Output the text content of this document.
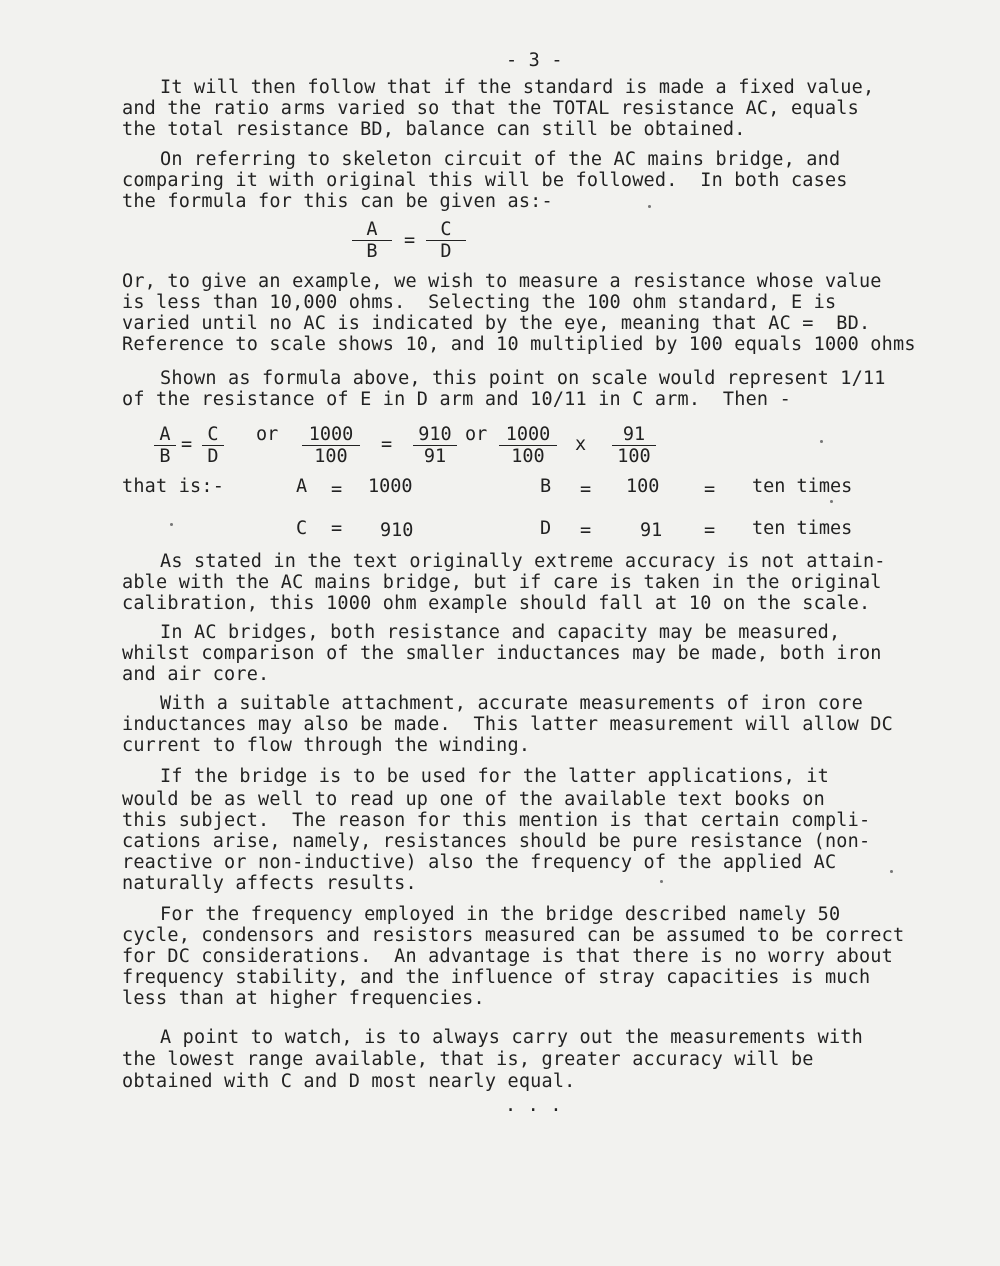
- 3 -
It will then follow that if the standard is made a fixed value,
and the ratio arms varied so that the TOTAL resistance AC, equals
the total resistance BD, balance can still be obtained.
On referring to skeleton circuit of the AC mains bridge, and
comparing it with original this will be followed.  In both cases
the formula for this can be given as:-
$\frac{A}{B} = \frac{C}{D}$
Or, to give an example, we wish to measure a resistance whose value
is less than 10,000 ohms.  Selecting the 100 ohm standard, E is
varied until no AC is indicated by the eye, meaning that AC =  BD.
Reference to scale shows 10, and 10 multiplied by 100 equals 1000 ohms
Shown as formula above, this point on scale would represent 1/11
of the resistance of E in D arm and 10/11 in C arm.  Then -
$\frac{A}{B} = \frac{C}{D}$ or $\frac{1000}{100} = \frac{910}{91}$ or $\frac{1000}{100}$ x $\frac{91}{100}$
that is:-	A = 1000	B = 100 = ten times
C = 910	D =	91 = ten times
As stated in the text originally extreme accuracy is not attain-
able with the AC mains bridge, but if care is taken in the original
calibration, this 1000 ohm example should fall at 10 on the scale.
In AC bridges, both resistance and capacity may be measured,
whilst comparison of the smaller inductances may be made, both iron
and air core.
With a suitable attachment, accurate measurements of iron core
inductances may also be made.  This latter measurement will allow DC
current to flow through the winding.
If the bridge is to be used for the latter applications, it
would be as well to read up one of the available text books on
this subject.  The reason for this mention is that certain compli-
cations arise, namely, resistances should be pure resistance (non-
reactive or non-inductive) also the frequency of the applied AC
naturally affects results.
For the frequency employed in the bridge described namely 50
cycle, condensors and resistors measured can be assumed to be correct
for DC considerations.  An advantage is that there is no worry about
frequency stability, and the influence of stray capacities is much
less than at higher frequencies.
A point to watch, is to always carry out the measurements with
the lowest range available, that is, greater accuracy will be
obtained with C and D most nearly equal.
. . .
